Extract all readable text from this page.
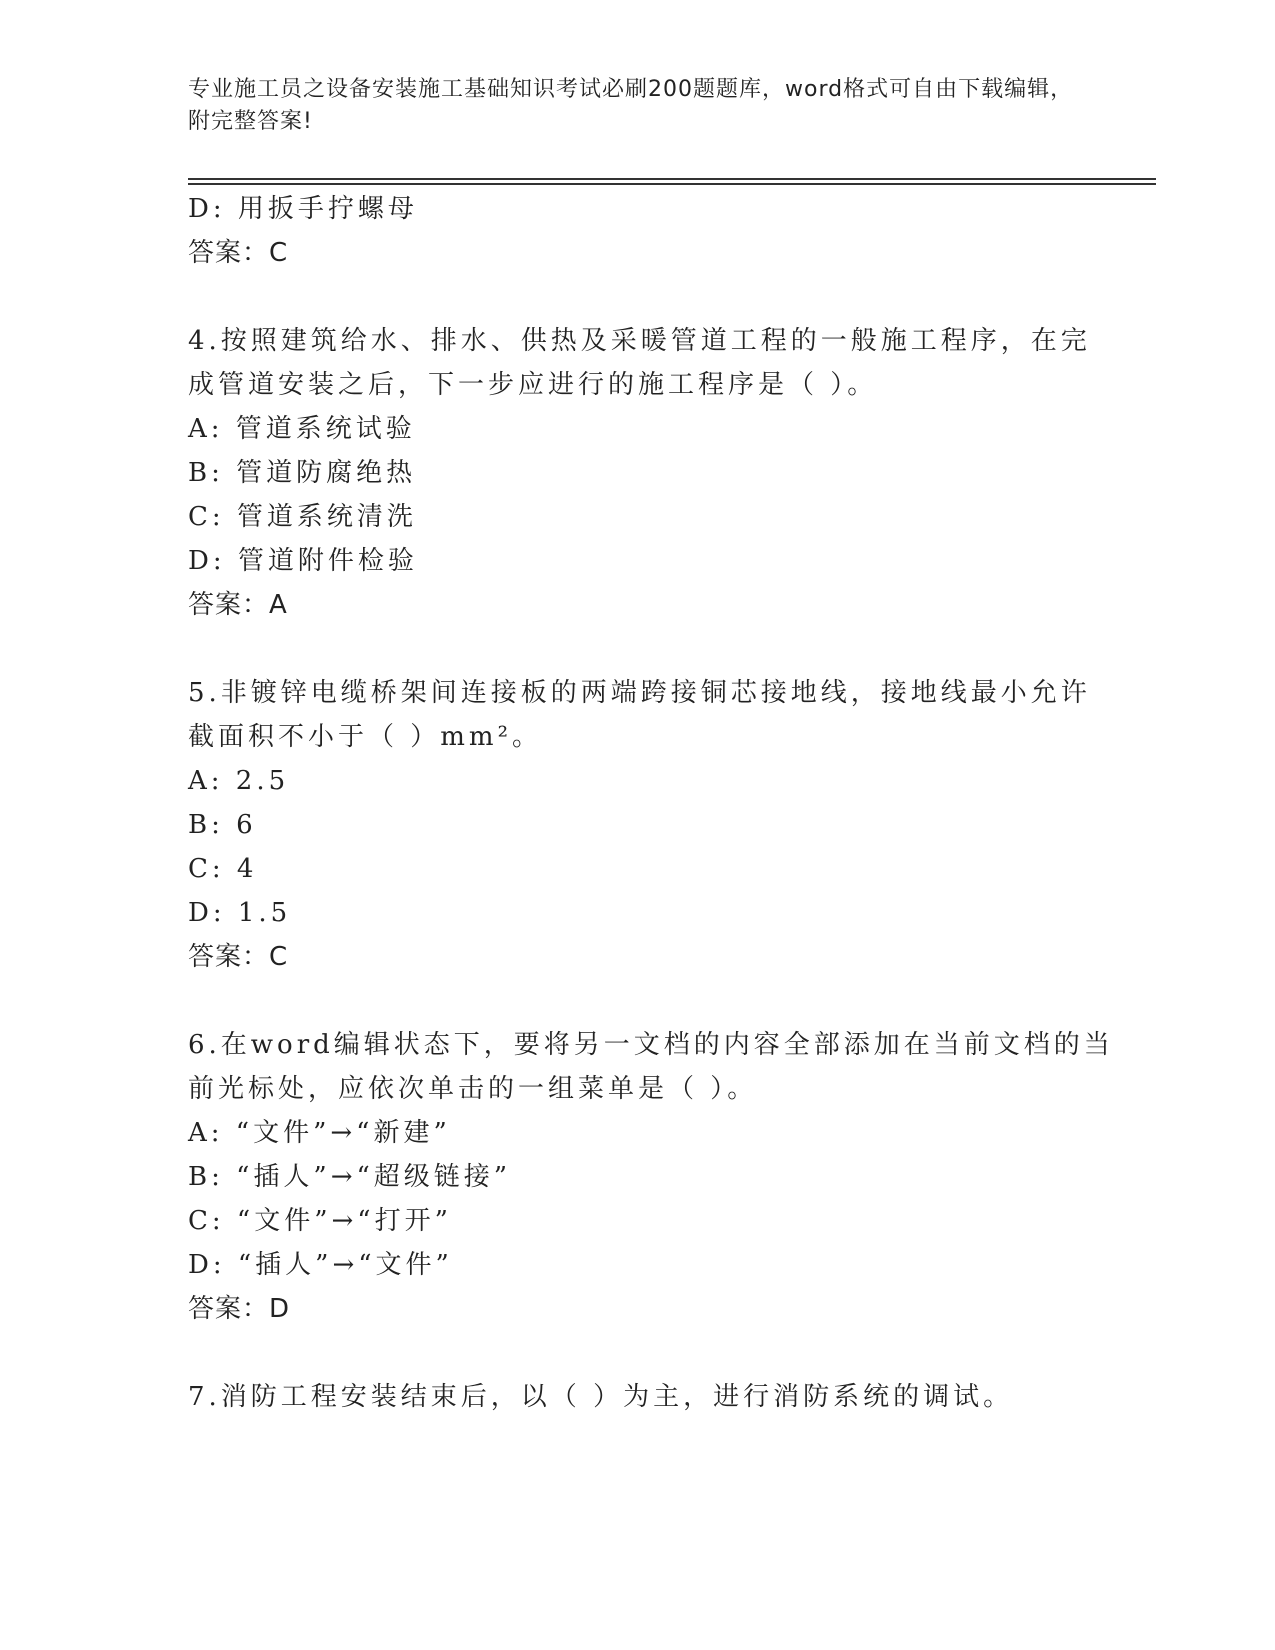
专业施工员之设备安装施工基础知识考试必刷200题题库，word格式可自由下载编辑，附完整答案!
D: 用扳手拧螺母
答案：C
4.按照建筑给水、排水、供热及采暖管道工程的一般施工程序，在完
成管道安装之后，下一步应进行的施工程序是（ ）。
A: 管道系统试验
B: 管道防腐绝热
C: 管道系统清洗
D: 管道附件检验
答案：A
5.非镀锌电缆桥架间连接板的两端跨接铜芯接地线，接地线最小允许
截面积不小于（ ）mm²。
A: 2.5
B: 6
C: 4
D: 1.5
答案：C
6.在word编辑状态下，要将另一文档的内容全部添加在当前文档的当
前光标处，应依次单击的一组菜单是（ ）。
A: “文件”→“新建”
B: “插人”→“超级链接”
C: “文件”→“打开”
D: “插人”→“文件”
答案：D
7.消防工程安装结束后，以（ ）为主，进行消防系统的调试。
